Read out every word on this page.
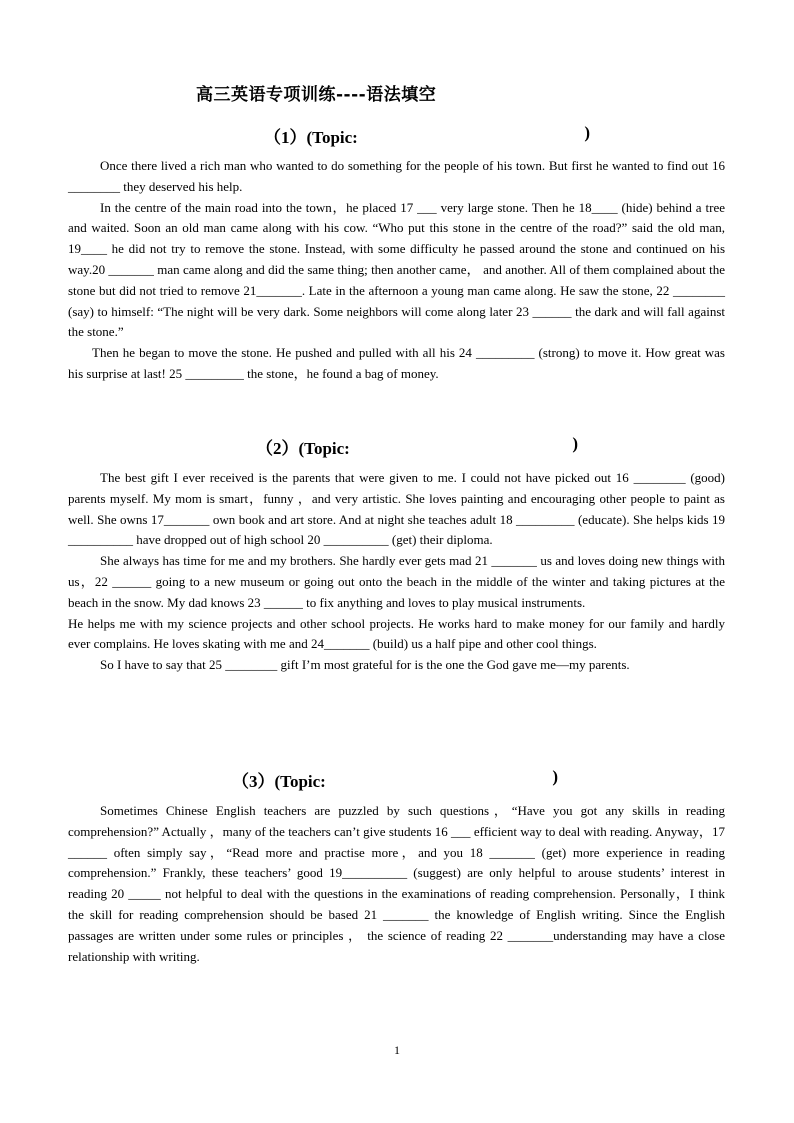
高三英语专项训练----语法填空
（1）(Topic:	)

Once there lived a rich man who wanted to do something for the people of his town. But first he wanted to find out 16 ________ they deserved his help.

In the centre of the main road into the town，he placed 17 ___ very large stone. Then he 18____ (hide) behind a tree and waited. Soon an old man came along with his cow. “Who put this stone in the centre of the road?” said the old man, 19____ he did not try to remove the stone. Instead, with some difficulty he passed around the stone and continued on his way.20 _______ man came along and did the same thing; then another came， and another. All of them complained about the stone but did not tried to remove 21_______. Late in the afternoon a young man came along. He saw the stone, 22 ________ (say) to himself: “The night will be very dark. Some neighbors will come along later 23 ______ the dark and will fall against the stone.”

Then he began to move the stone. He pushed and pulled with all his 24 _________ (strong) to move it. How great was his surprise at last! 25 _________ the stone，he found a bag of money.

（2）(Topic:	)

The best gift I ever received is the parents that were given to me. I could not have picked out 16 ________ (good) parents myself. My mom is smart，funny ，and very artistic. She loves painting and encouraging other people to paint as well. She owns 17_______ own book and art store. And at night she teaches adult 18 _________ (educate). She helps kids 19 __________ have dropped out of high school 20 __________ (get) their diploma.

She always has time for me and my brothers. She hardly ever gets mad 21 _______ us and loves doing new things with us，22 ______ going to a new museum or going out onto the beach in the middle of the winter and taking pictures at the beach in the snow. My dad knows 23 ______ to fix anything and loves to play musical instruments.

He helps me with my science projects and other school projects. He works hard to make money for our family and hardly ever complains. He loves skating with me and 24_______ (build) us a half pipe and other cool things.

So I have to say that 25 ________ gift I’m most grateful for is the one the God gave me—my parents.

（3）(Topic:	)

Sometimes Chinese English teachers are puzzled by such questions，“Have you got any skills in reading comprehension?” Actually ，many of the teachers can’t give students 16 ___ efficient way to deal with reading. Anyway，17 ______ often simply say，“Read more and practise more，and you 18 _______ (get) more experience in reading comprehension.” Frankly, these teachers’ good 19__________ (suggest) are only helpful to arouse students’ interest in reading 20 _____ not helpful to deal with the questions in the examinations of reading comprehension. Personally，I think the skill for reading comprehension should be based 21 _______ the knowledge of English writing. Since the English passages are written under some rules or principles ， the science of reading 22 _______understanding may have a close relationship with writing.

1
